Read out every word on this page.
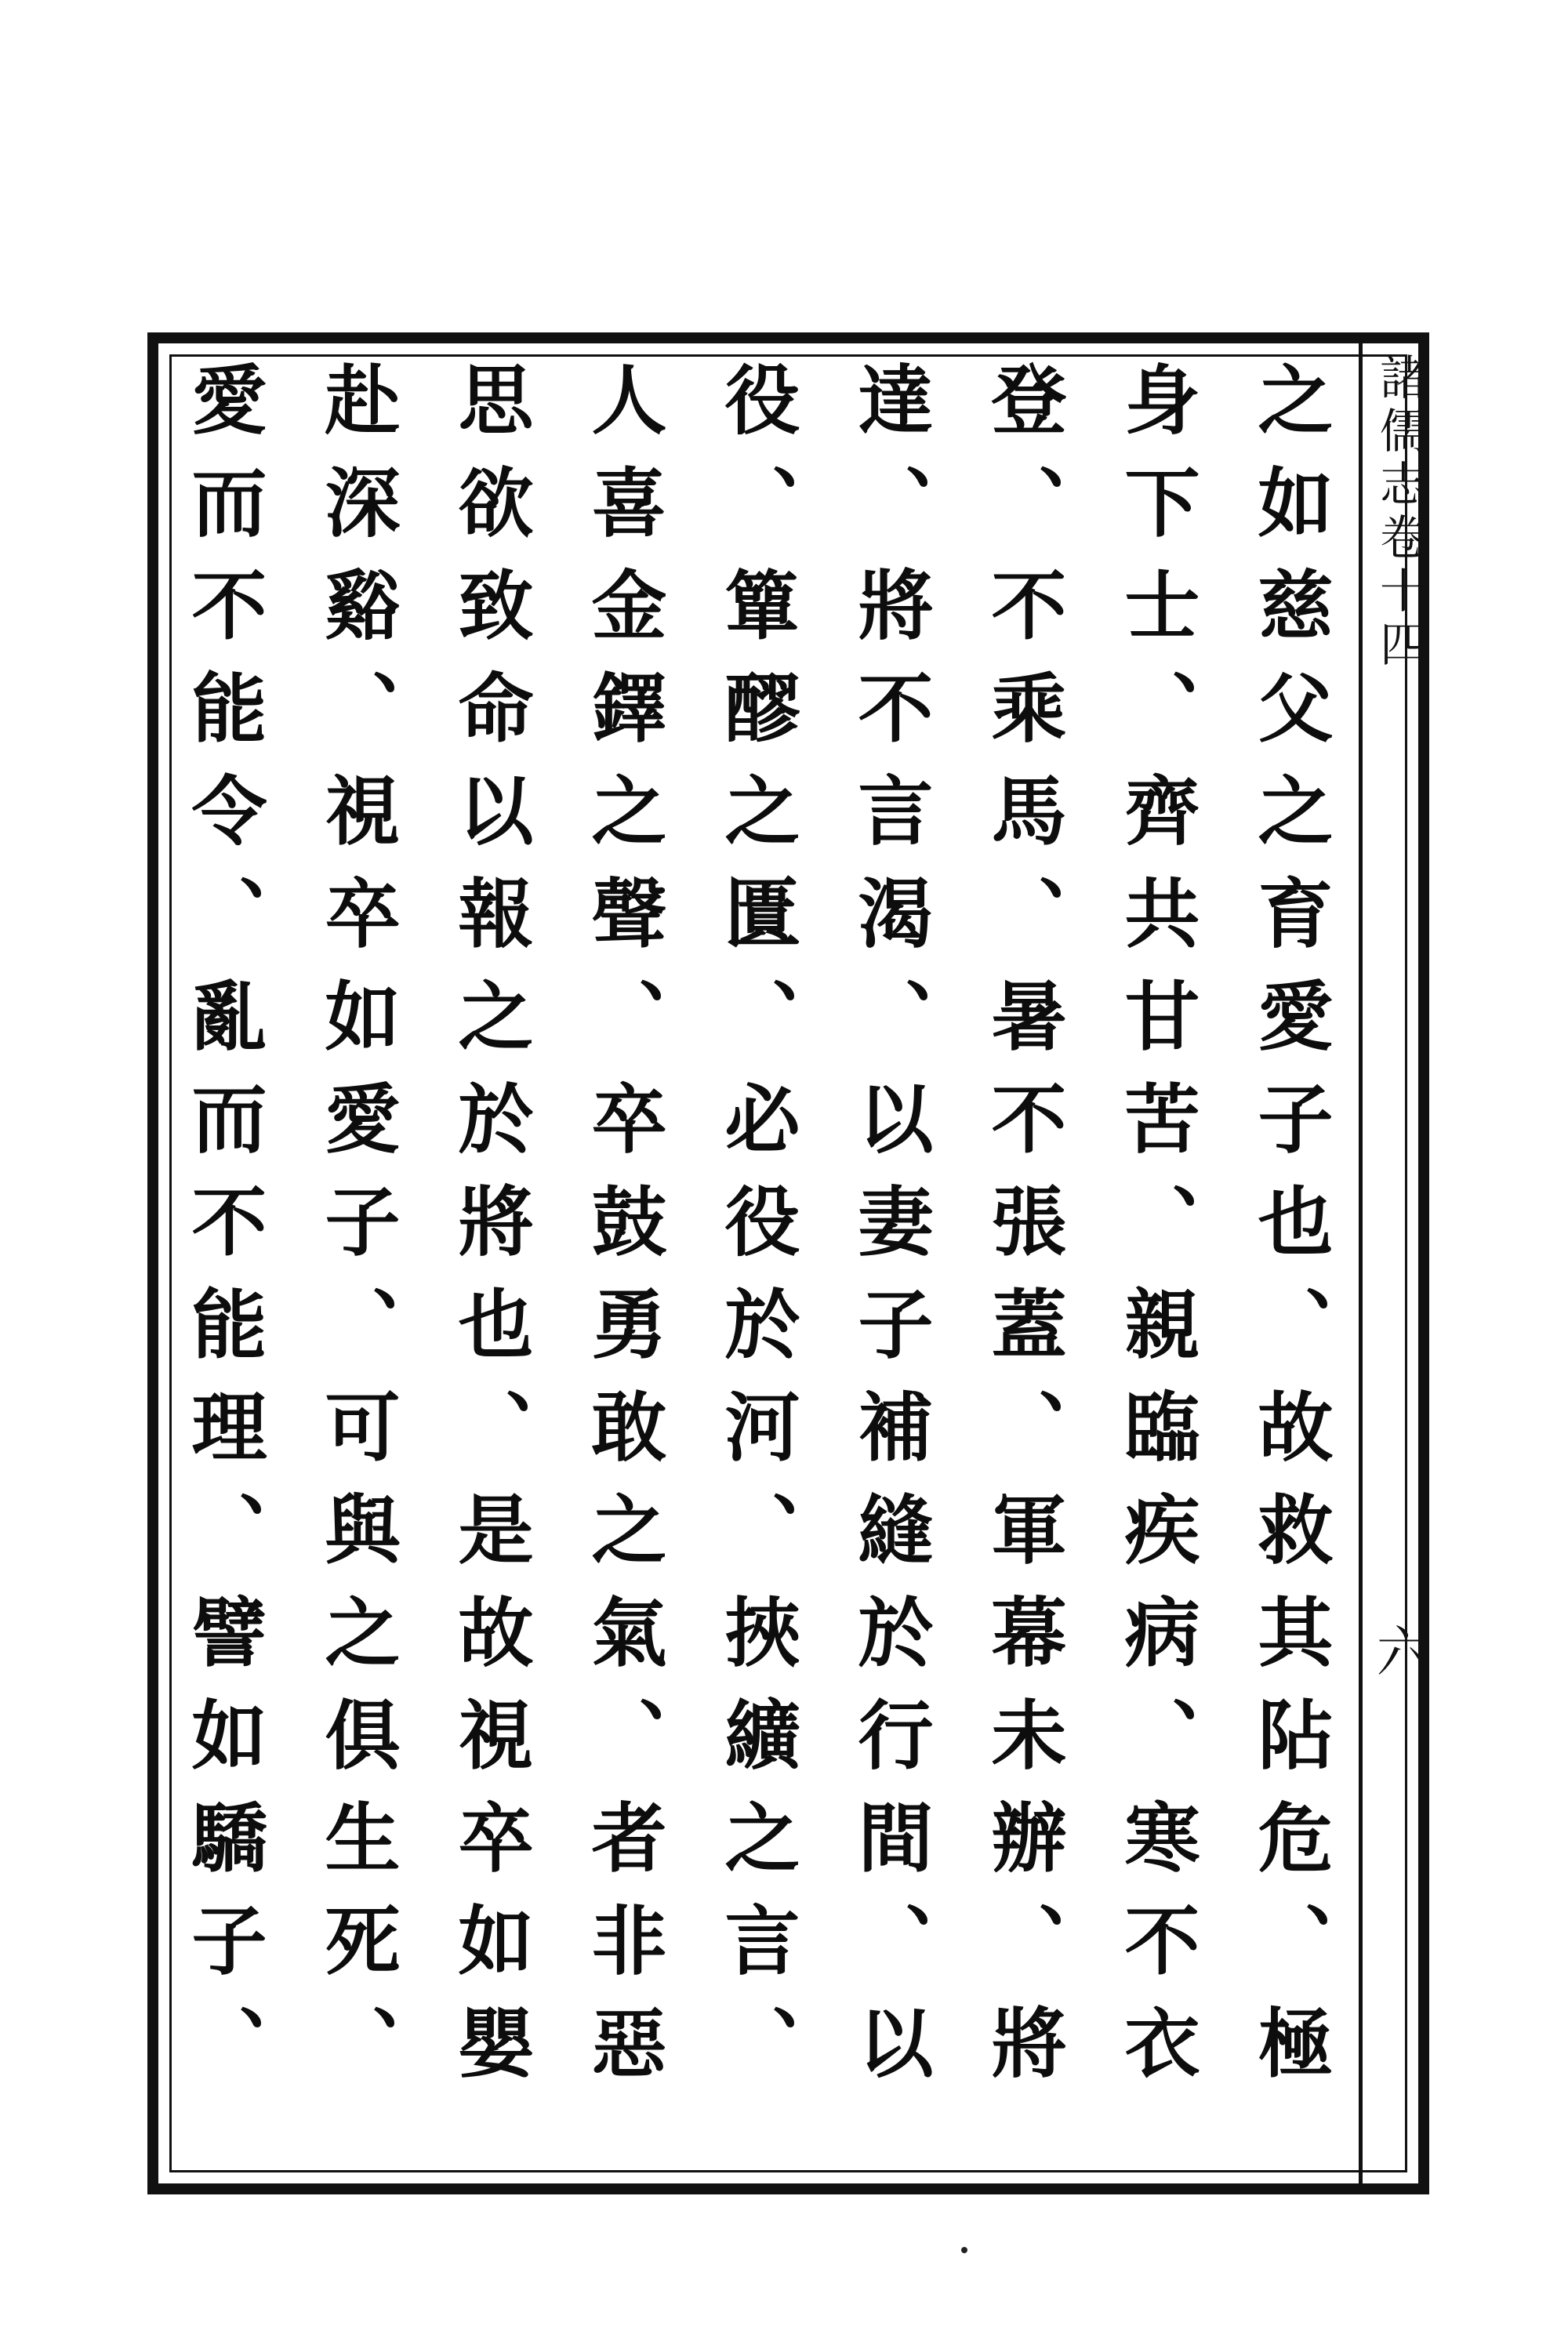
諸儒志卷十四
六
之如慈父之育愛子也、故救其阽危、極
身下士、齊共甘苦、親臨疾病、寒不衣
登、不乘馬、暑不張蓋、軍幕未辦、將
達、將不言渴、以妻子補縫於行間、以
役、簞醪之匱、必役於河、挾纊之言、
人喜金鐸之聲、卒鼓勇敢之氣、者非惡
思欲致命以報之於將也、是故視卒如嬰
赴深谿、視卒如愛子、可與之俱生死、
愛而不能令、亂而不能理、譬如驕子、
